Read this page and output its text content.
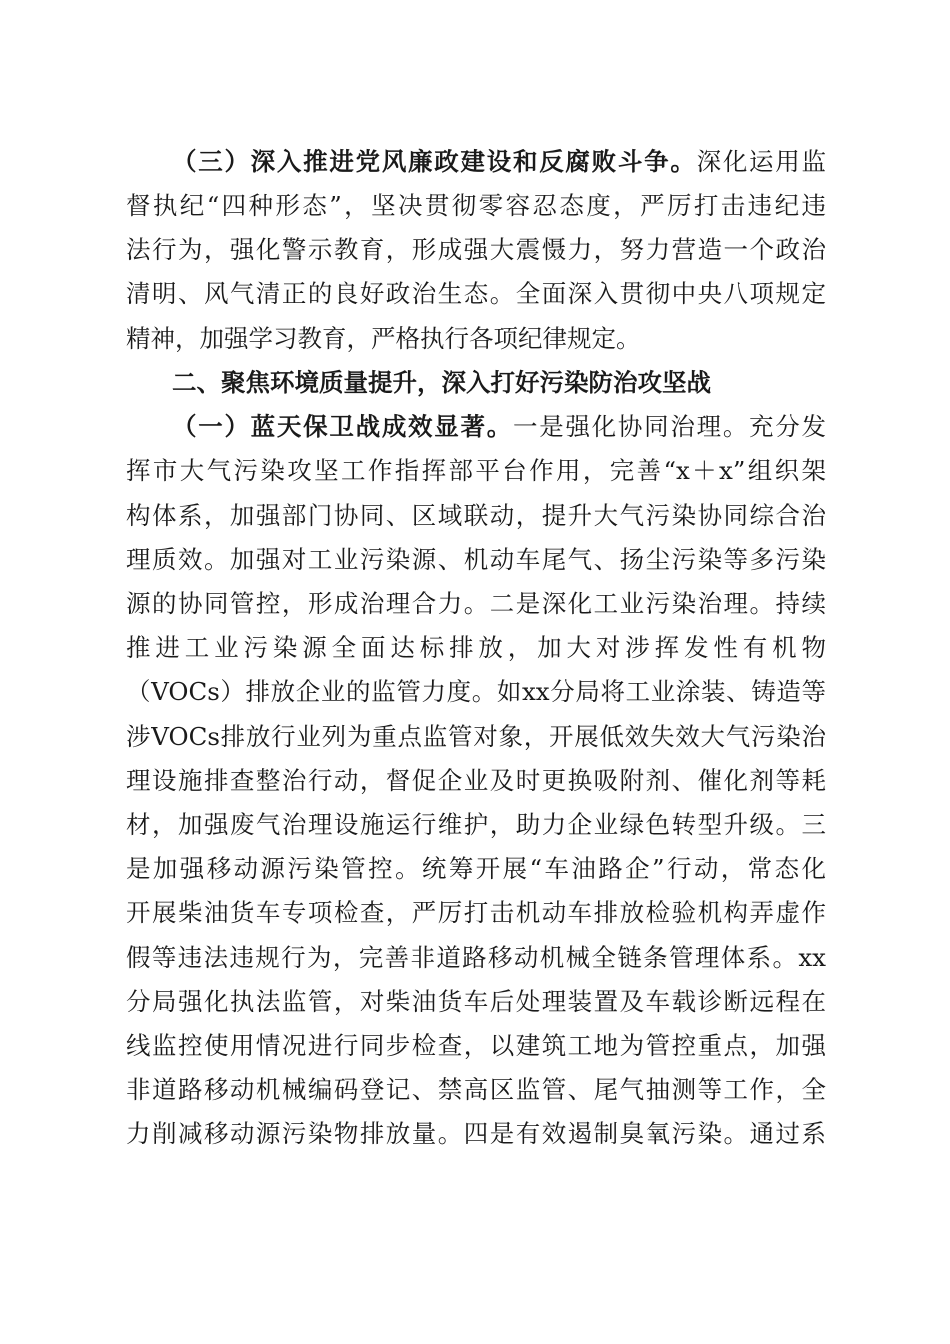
（三）深入推进党风廉政建设和反腐败斗争。深化运用监
督执纪“四种形态”，坚决贯彻零容忍态度，严厉打击违纪违
法行为，强化警示教育，形成强大震慑力，努力营造一个政治
清明、风气清正的良好政治生态。全面深入贯彻中央八项规定
精神，加强学习教育，严格执行各项纪律规定。
二、聚焦环境质量提升，深入打好污染防治攻坚战
（一）蓝天保卫战成效显著。一是强化协同治理。充分发
挥市大气污染攻坚工作指挥部平台作用，完善“x＋x”组织架
构体系，加强部门协同、区域联动，提升大气污染协同综合治
理质效。加强对工业污染源、机动车尾气、扬尘污染等多污染
源的协同管控，形成治理合力。二是深化工业污染治理。持续
推进工业污染源全面达标排放，加大对涉挥发性有机物
（VOCs）排放企业的监管力度。如xx分局将工业涂装、铸造等
涉VOCs排放行业列为重点监管对象，开展低效失效大气污染治
理设施排查整治行动，督促企业及时更换吸附剂、催化剂等耗
材，加强废气治理设施运行维护，助力企业绿色转型升级。三
是加强移动源污染管控。统筹开展“车油路企”行动，常态化
开展柴油货车专项检查，严厉打击机动车排放检验机构弄虚作
假等违法违规行为，完善非道路移动机械全链条管理体系。xx
分局强化执法监管，对柴油货车后处理装置及车载诊断远程在
线监控使用情况进行同步检查，以建筑工地为管控重点，加强
非道路移动机械编码登记、禁高区监管、尾气抽测等工作，全
力削减移动源污染物排放量。四是有效遏制臭氧污染。通过系
